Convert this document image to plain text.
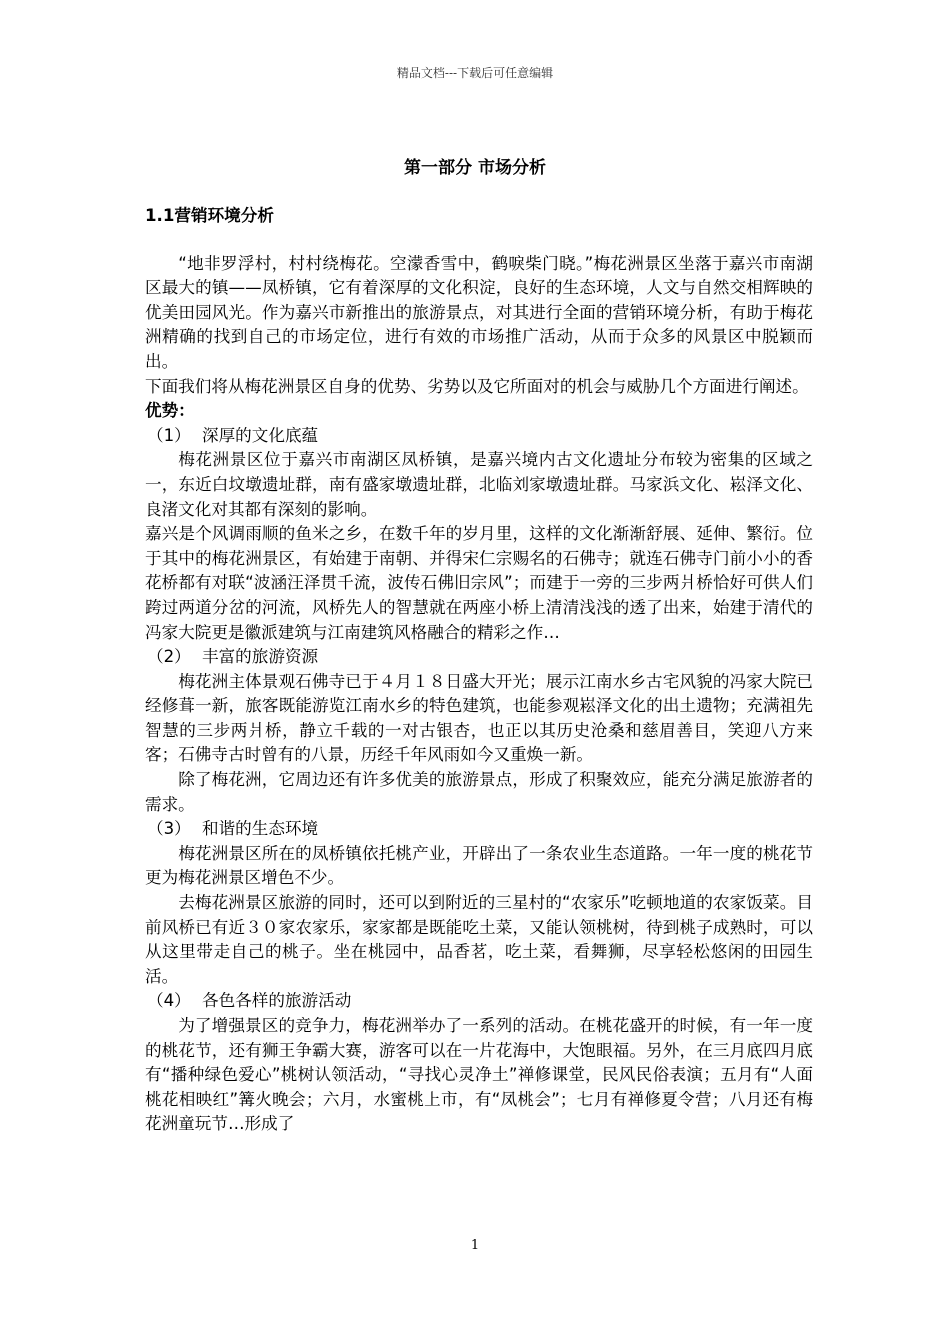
精品文档---下载后可任意编辑
第一部分 市场分析
1.1营销环境分析

“地非罗浮村，村村绕梅花。空濛香雪中，鹤唳柴门晓。”梅花洲景区坐落于嘉兴市南湖区最大的镇——凤桥镇，它有着深厚的文化积淀，良好的生态环境，人文与自然交相辉映的优美田园风光。作为嘉兴市新推出的旅游景点，对其进行全面的营销环境分析，有助于梅花洲精确的找到自己的市场定位，进行有效的市场推广活动，从而于众多的风景区中脱颖而出。

下面我们将从梅花洲景区自身的优势、劣势以及它所面对的机会与威胁几个方面进行阐述。

优势：

（1） 深厚的文化底蕴

梅花洲景区位于嘉兴市南湖区凤桥镇，是嘉兴境内古文化遗址分布较为密集的区域之一，东近白坟墩遗址群，南有盛家墩遗址群，北临刘家墩遗址群。马家浜文化、崧泽文化、良渚文化对其都有深刻的影响。

嘉兴是个风调雨顺的鱼米之乡，在数千年的岁月里，这样的文化渐渐舒展、延伸、繁衍。位于其中的梅花洲景区，有始建于南朝、并得宋仁宗赐名的石佛寺；就连石佛寺门前小小的香花桥都有对联“波涵汪泽贯千流，波传石佛旧宗风”；而建于一旁的三步两爿桥恰好可供人们跨过两道分岔的河流，风桥先人的智慧就在两座小桥上清清浅浅的透了出来，始建于清代的冯家大院更是徽派建筑与江南建筑风格融合的精彩之作…

（2） 丰富的旅游资源

梅花洲主体景观石佛寺已于４月１８日盛大开光；展示江南水乡古宅风貌的冯家大院已经修葺一新，旅客既能游览江南水乡的特色建筑，也能参观崧泽文化的出土遗物；充满祖先智慧的三步两爿桥，静立千载的一对古银杏，也正以其历史沧桑和慈眉善目，笑迎八方来客；石佛寺古时曾有的八景，历经千年风雨如今又重焕一新。

除了梅花洲，它周边还有许多优美的旅游景点，形成了积聚效应，能充分满足旅游者的需求。

（3） 和谐的生态环境

梅花洲景区所在的凤桥镇依托桃产业，开辟出了一条农业生态道路。一年一度的桃花节更为梅花洲景区增色不少。

去梅花洲景区旅游的同时，还可以到附近的三星村的“农家乐”吃顿地道的农家饭菜。目前风桥已有近３０家农家乐，家家都是既能吃土菜，又能认领桃树，待到桃子成熟时，可以从这里带走自己的桃子。坐在桃园中，品香茗，吃土菜，看舞狮，尽享轻松悠闲的田园生活。

（4） 各色各样的旅游活动

为了增强景区的竞争力，梅花洲举办了一系列的活动。在桃花盛开的时候，有一年一度的桃花节，还有狮王争霸大赛，游客可以在一片花海中，大饱眼福。另外，在三月底四月底有“播种绿色爱心”桃树认领活动，“寻找心灵净土”禅修课堂，民风民俗表演；五月有“人面桃花相映红”篝火晚会；六月，水蜜桃上市，有“凤桃会”；七月有禅修夏令营；八月还有梅花洲童玩节…形成了

1
